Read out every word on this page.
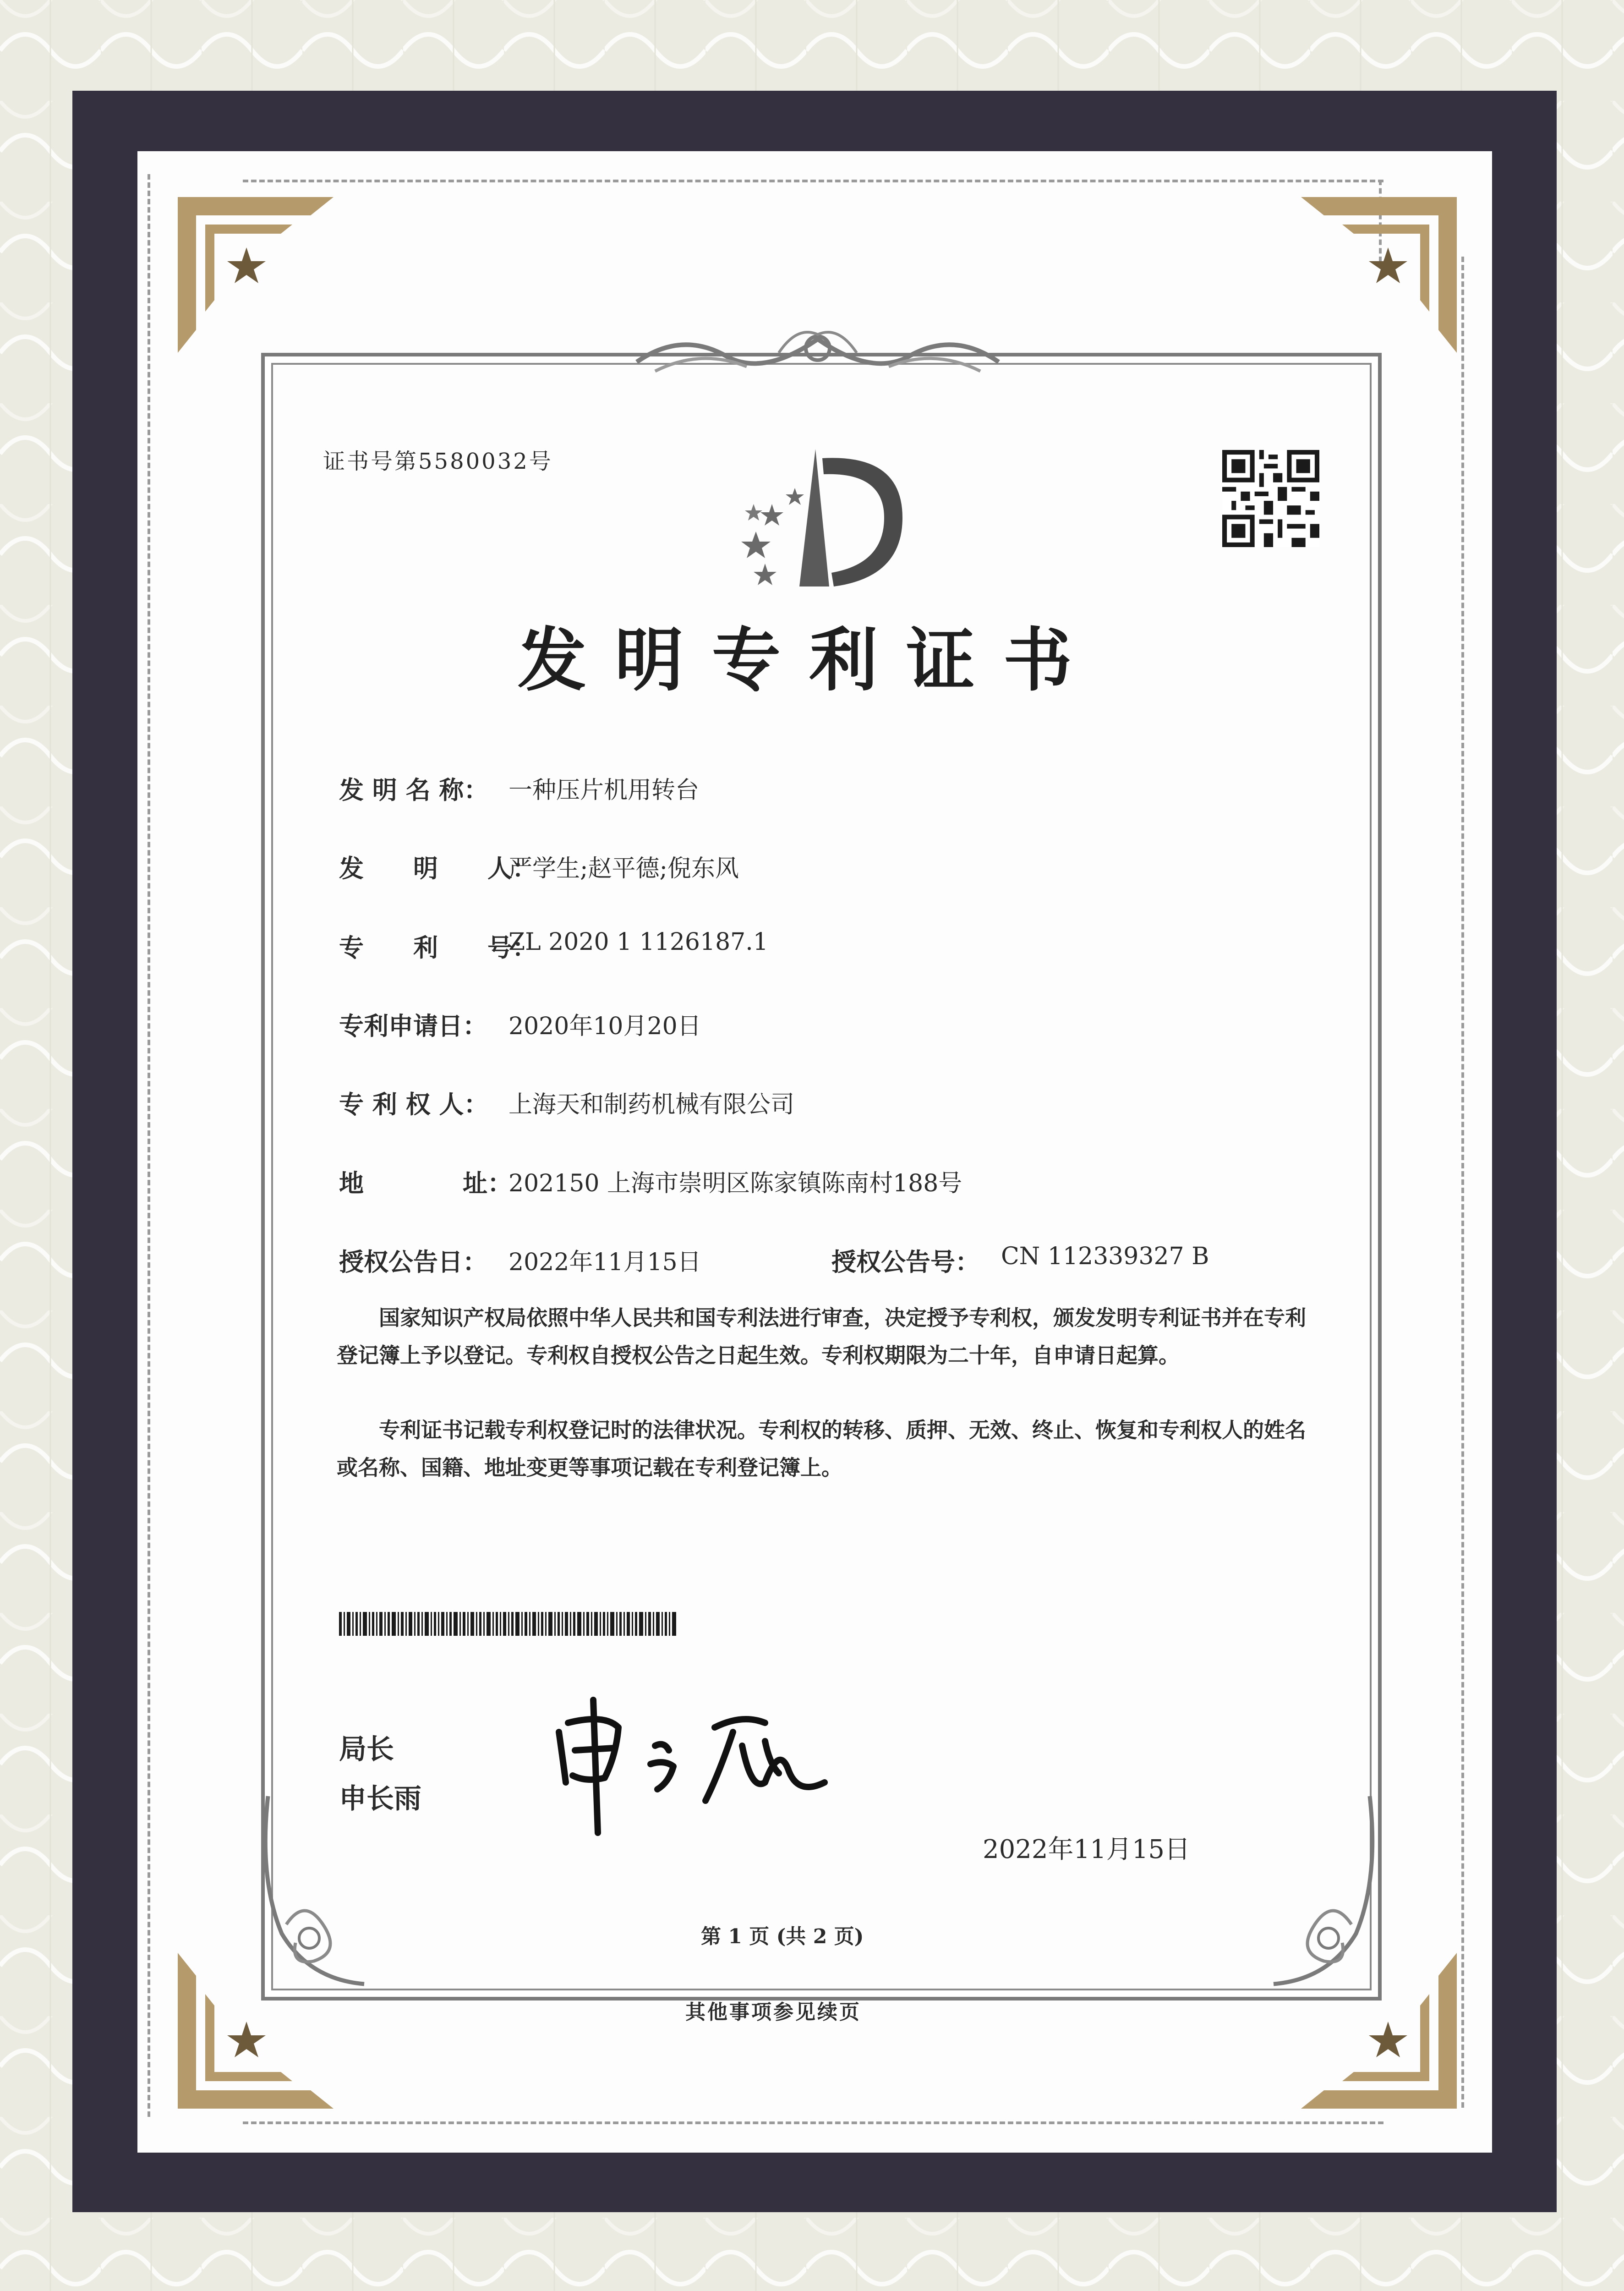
证书号第5580032号
发明专利证书
发 明 名 称： 一种压片机用转台
发　　明　　人：
严学生;赵平德;倪东风
专　　利　　号：
ZL 2020 1 1126187.1
专利申请日： 2020年10月20日
专 利 权 人： 上海天和制药机械有限公司
地　　　　址：
202150 上海市崇明区陈家镇陈南村188号
授权公告日： 2022年11月15日	授权公告号： CN 112339327 B
国家知识产权局依照中华人民共和国专利法进行审查，决定授予专利权，颁发发明专利证书并在专利登记簿上予以登记。专利权自授权公告之日起生效。专利权期限为二十年，自申请日起算。
专利证书记载专利权登记时的法律状况。专利权的转移、质押、无效、终止、恢复和专利权人的姓名或名称、国籍、地址变更等事项记载在专利登记簿上。
局长
申长雨
2022年11月15日
第 1 页 (共 2 页)
其他事项参见续页
